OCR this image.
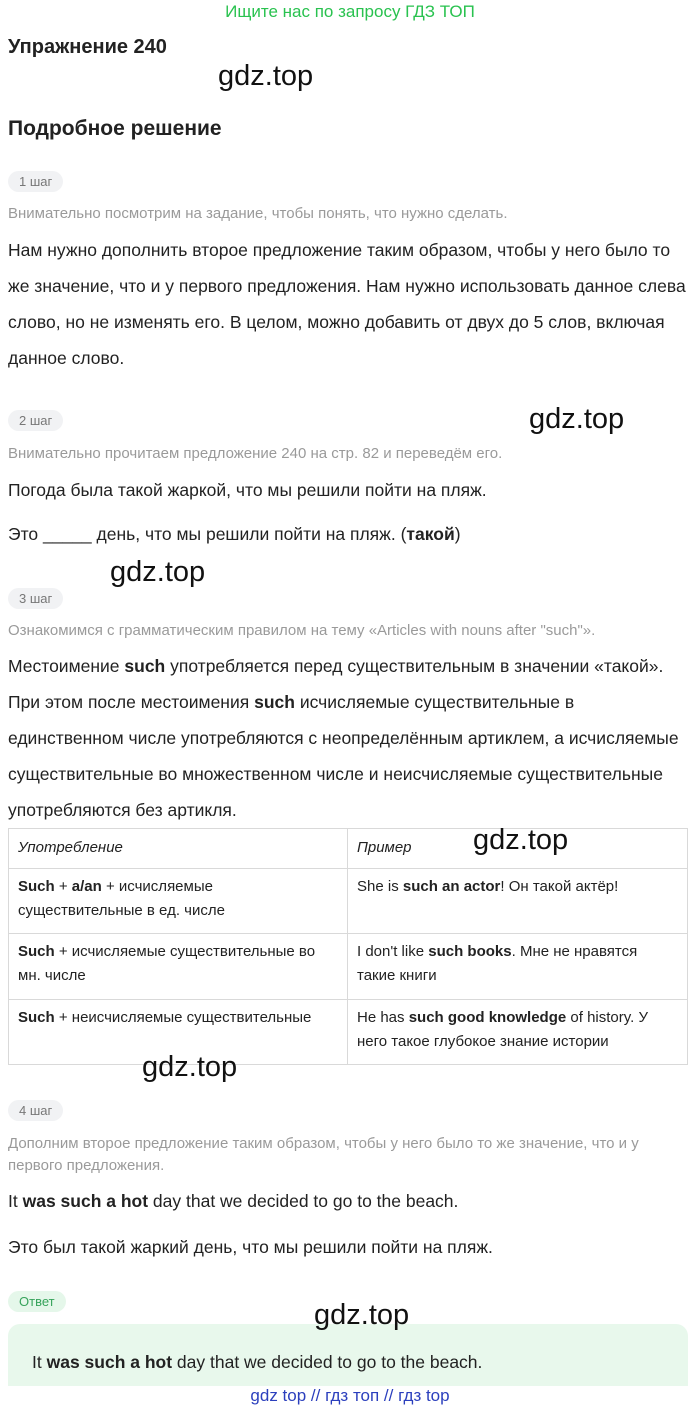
Ищите нас по запросу ГДЗ ТОП
Упражнение 240
gdz.top
Подробное решение
1 шаг
Внимательно посмотрим на задание, чтобы понять, что нужно сделать.
Нам нужно дополнить второе предложение таким образом, чтобы у него было то же значение, что и у первого предложения. Нам нужно использовать данное слева слово, но не изменять его. В целом, можно добавить от двух до 5 слов, включая данное слово.
2 шаг	gdz.top
Внимательно прочитаем предложение 240 на стр. 82 и переведём его.
Погода была такой жаркой, что мы решили пойти на пляж.
Это _____ день, что мы решили пойти на пляж. (такой)
gdz.top
3 шаг
Ознакомимся с грамматическим правилом на тему «Articles with nouns after "such"».
Местоимение such употребляется перед существительным в значении «такой». При этом после местоимения such исчисляемые существительные в единственном числе употребляются с неопределённым артиклем, а исчисляемые существительные во множественном числе и неисчисляемые существительные употребляются без артикля.
Употребление	Пример
Such + a/an + исчисляемые существительные в ед. числе	She is such an actor! Он такой актёр!
Such + исчисляемые существительные во мн. числе	I don't like such books. Мне не нравятся такие книги
Such + неисчисляемые существительные	He has such good knowledge of history. У него такое глубокое знание истории
gdz.top
gdz.top
4 шаг
Дополним второе предложение таким образом, чтобы у него было то же значение, что и у первого предложения.
It was such a hot day that we decided to go to the beach.
Это был такой жаркий день, что мы решили пойти на пляж.
Ответ	gdz.top
It was such a hot day that we decided to go to the beach.
gdz top // гдз топ // гдз top
